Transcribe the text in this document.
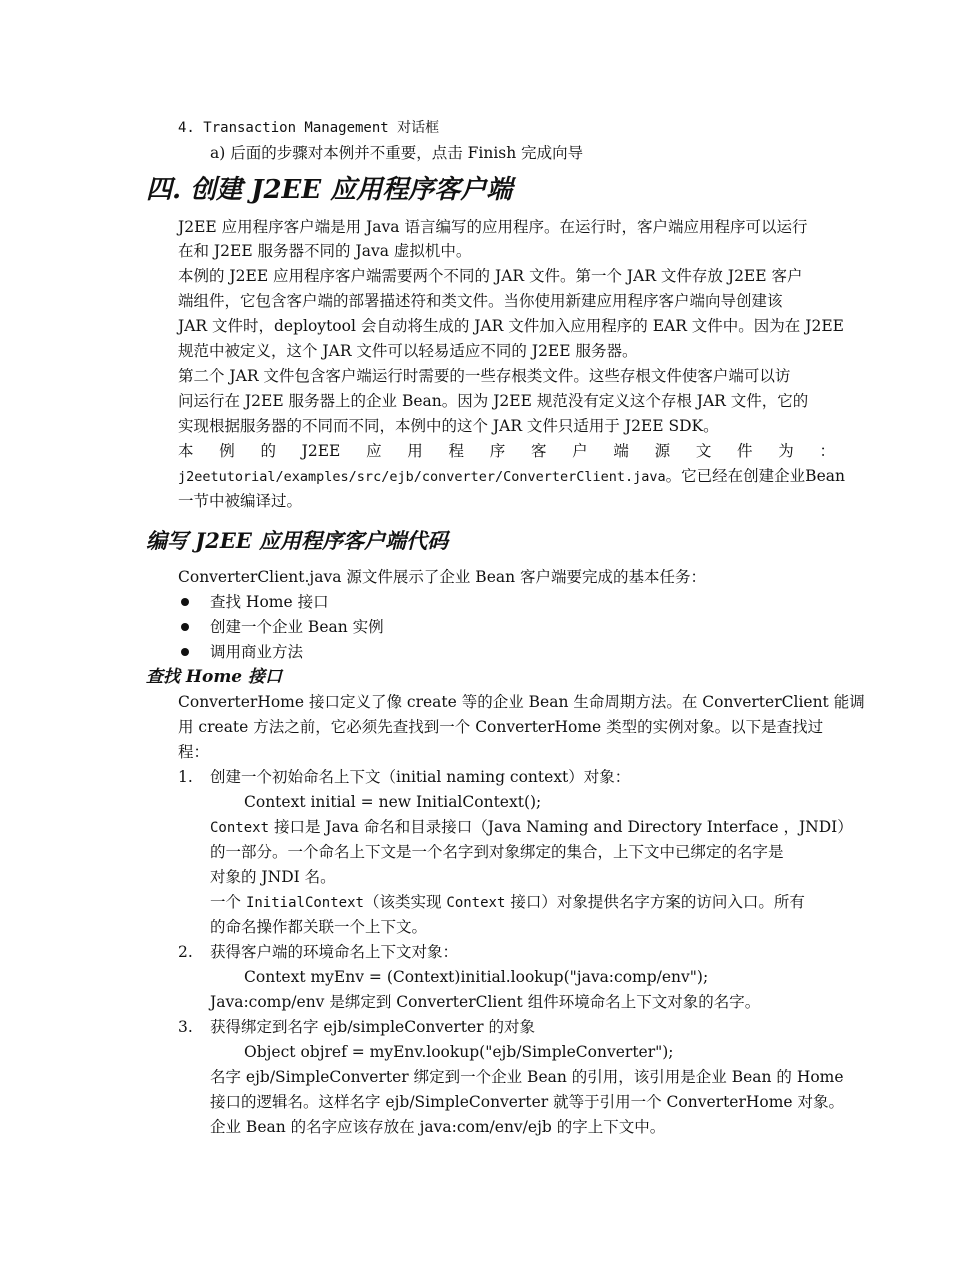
4. Transaction Management 对话框
a) 后面的步骤对本例并不重要，点击 Finish 完成向导
四. 创建 J2EE 应用程序客户端
J2EE 应用程序客户端是用 Java 语言编写的应用程序。在运行时，客户端应用程序可以运行
在和 J2EE 服务器不同的 Java 虚拟机中。
本例的 J2EE 应用程序客户端需要两个不同的 JAR 文件。第一个 JAR 文件存放 J2EE 客户
端组件，它包含客户端的部署描述符和类文件。当你使用新建应用程序客户端向导创建该
JAR 文件时，deploytool 会自动将生成的 JAR 文件加入应用程序的 EAR 文件中。因为在 J2EE
规范中被定义，这个 JAR 文件可以轻易适应不同的 J2EE 服务器。
第二个 JAR 文件包含客户端运行时需要的一些存根类文件。这些存根文件使客户端可以访
问运行在 J2EE 服务器上的企业 Bean。因为 J2EE 规范没有定义这个存根 JAR 文件，它的
实现根据服务器的不同而不同，本例中的这个 JAR 文件只适用于 J2EE SDK。
本 例 的 J2EE 应 用 程 序 客 户 端 源 文 件 为 ：
j2eetutorial/examples/src/ejb/converter/ConverterClient.java。它已经在创建企业Bean
一节中被编译过。
编写 J2EE 应用程序客户端代码
ConverterClient.java 源文件展示了企业 Bean 客户端要完成的基本任务：
查找 Home 接口
创建一个企业 Bean 实例
调用商业方法
查找 Home 接口
ConverterHome 接口定义了像 create 等的企业 Bean 生命周期方法。在 ConverterClient 能调
用 create 方法之前，它必须先查找到一个 ConverterHome 类型的实例对象。以下是查找过
程：
1. 创建一个初始命名上下文（initial naming context）对象：
Context initial = new InitialContext();
Context 接口是 Java 命名和目录接口（Java Naming and Directory Interface ，JNDI）
的一部分。一个命名上下文是一个名字到对象绑定的集合，上下文中已绑定的名字是
对象的 JNDI 名。
一个 InitialContext（该类实现 Context 接口）对象提供名字方案的访问入口。所有
的命名操作都关联一个上下文。
2. 获得客户端的环境命名上下文对象：
Context myEnv = (Context)initial.lookup("java:comp/env");
Java:comp/env 是绑定到 ConverterClient 组件环境命名上下文对象的名字。
3. 获得绑定到名字 ejb/simpleConverter 的对象
Object objref = myEnv.lookup("ejb/SimpleConverter");
名字 ejb/SimpleConverter 绑定到一个企业 Bean 的引用，该引用是企业 Bean 的 Home
接口的逻辑名。这样名字 ejb/SimpleConverter 就等于引用一个 ConverterHome 对象。
企业 Bean 的名字应该存放在 java:com/env/ejb 的字上下文中。
